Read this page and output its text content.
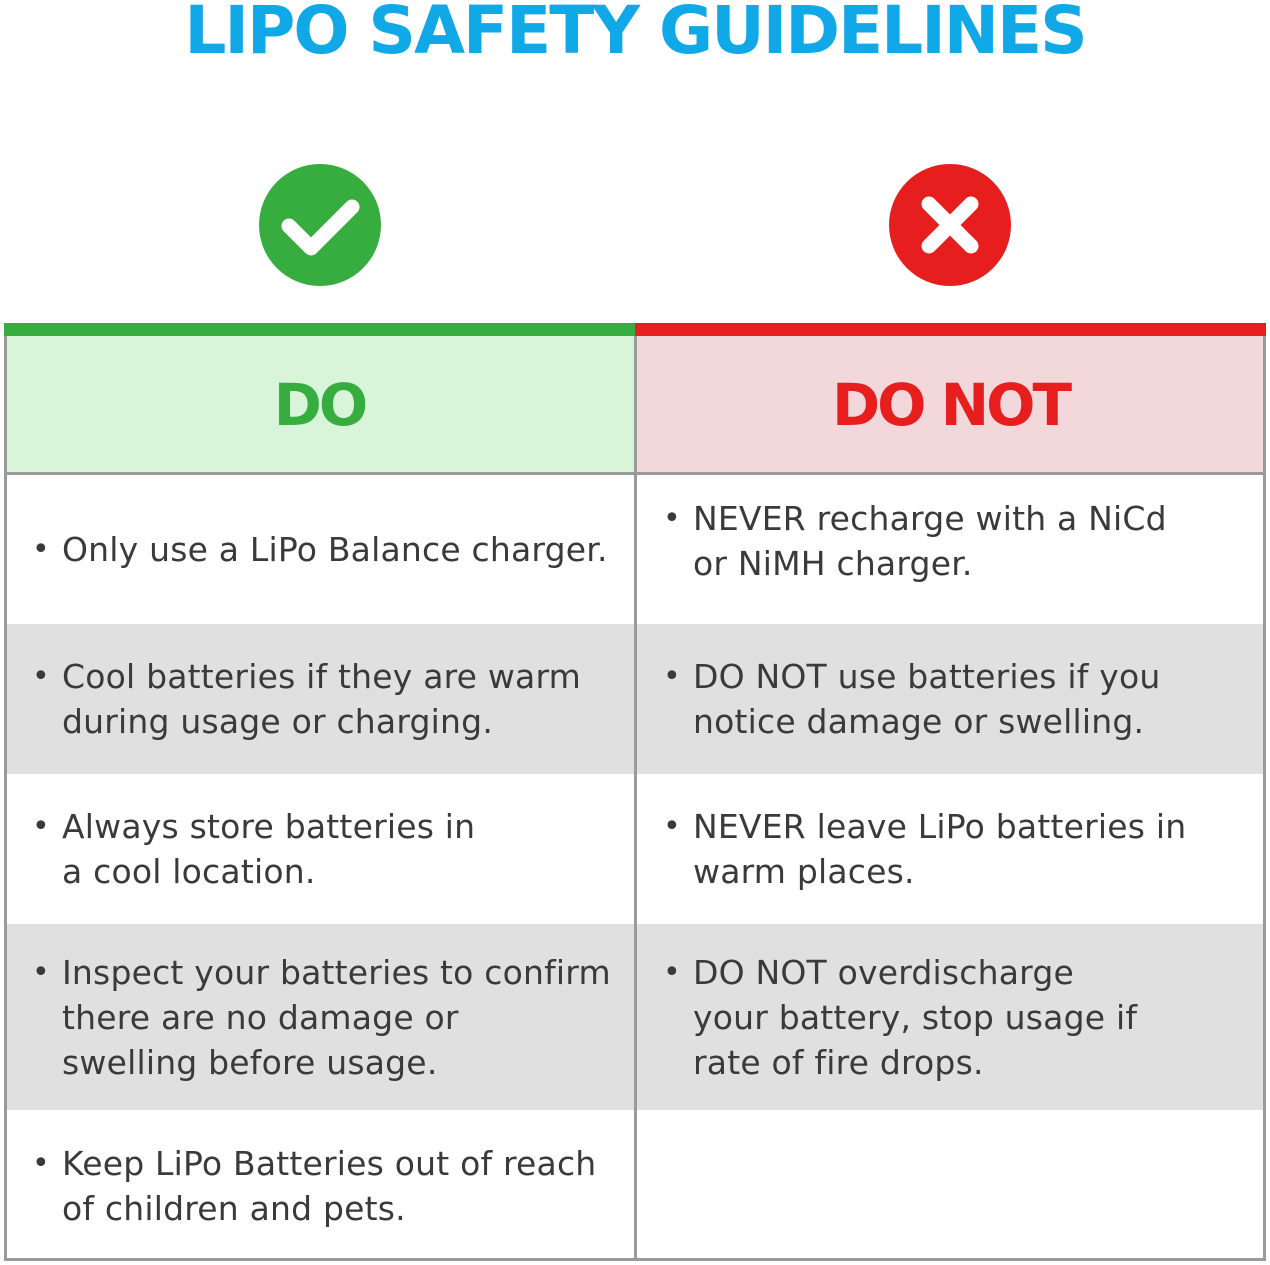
LIPO SAFETY GUIDELINES
DO	DO NOT
• Only use a LiPo Balance charger.
• NEVER recharge with a NiCd
or NiMH charger.
• Cool batteries if they are warm
during usage or charging.
• DO NOT use batteries if you
notice damage or swelling.
• Always store batteries in
a cool location.
• NEVER leave LiPo batteries in
warm places.
• Inspect your batteries to confirm
there are no damage or
swelling before usage.
• DO NOT overdischarge
your battery, stop usage if
rate of fire drops.
• Keep LiPo Batteries out of reach
of children and pets.
